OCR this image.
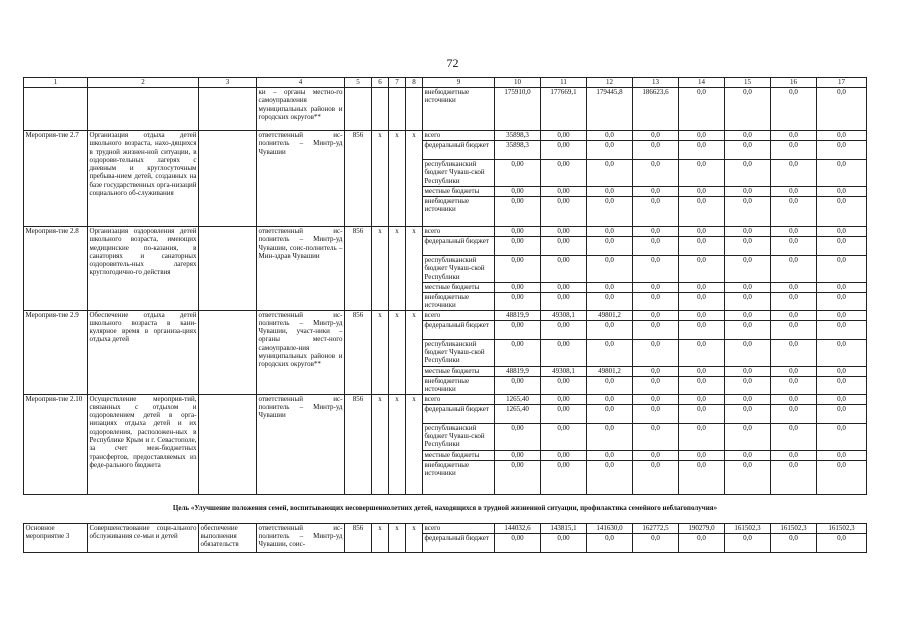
72
1	2	3	4	5	6	7	8	9	10	11	12	13	14	15	16	17
			ки – органы местно-го самоуправления муниципальных районов и городских округов**					внебюджетные источники	175910,0	177669,1	179445,8	186623,6	0,0	0,0	0,0	0,0
Мероприя-тие 2.7	Организация отдыха детей школьного возраста, нахо-дящихся в трудной жизнен-ной ситуации, в оздорови-тельных лагерях с дневным и круглосуточным пребыва-нием детей, созданных на базе государственных орга-низаций социального об-служивания		ответственный ис-полнитель – Минтр-уд Чувашии	856	х	х	х	всего	35898,3	0,00	0,0	0,0	0,0	0,0	0,0	0,0
								федеральный бюджет	35898,3	0,00	0,0	0,0	0,0	0,0	0,0	0,0
								республиканский бюджет Чуваш-ской Республики	0,00	0,00	0,0	0,0	0,0	0,0	0,0	0,0
								местные бюджеты	0,00	0,00	0,0	0,0	0,0	0,0	0,0	0,0
								внебюджетные источники	0,00	0,00	0,0	0,0	0,0	0,0	0,0	0,0
Мероприя-тие 2.8	Организация оздоровления детей школьного возраста, имеющих медицинские по-казания, в санаториях и санаторных оздоровитель-ных лагерях круглогодично-го действия		ответственный ис-полнитель – Минтр-уд Чувашии, соис-полнитель – Мин-здрав Чувашии	856	х	х	х	всего	0,00	0,00	0,0	0,0	0,0	0,0	0,0	0,0
								федеральный бюджет	0,00	0,00	0,0	0,0	0,0	0,0	0,0	0,0
								республиканский бюджет Чуваш-ской Республики	0,00	0,00	0,0	0,0	0,0	0,0	0,0	0,0
								местные бюджеты	0,00	0,00	0,0	0,0	0,0	0,0	0,0	0,0
								внебюджетные источники	0,00	0,00	0,0	0,0	0,0	0,0	0,0	0,0
Мероприя-тие 2.9	Обеспечение отдыха детей школьного возраста в кани-кулярное время в организа-циях отдыха детей		ответственный ис-полнитель – Минтр-уд Чувашии, участ-ники – органы мест-ного самоуправле-ния муниципальных районов и городских округов**	856	х	х	х	всего	48819,9	49308,1	49801,2	0,0	0,0	0,0	0,0	0,0
								федеральный бюджет	0,00	0,00	0,0	0,0	0,0	0,0	0,0	0,0
								республиканский бюджет Чуваш-ской Республики	0,00	0,00	0,0	0,0	0,0	0,0	0,0	0,0
								местные бюджеты	48819,9	49308,1	49801,2	0,0	0,0	0,0	0,0	0,0
								внебюджетные источники	0,00	0,00	0,0	0,0	0,0	0,0	0,0	0,0
Мероприя-тие 2.10	Осуществление мероприя-тий, связанных с отдыхом и оздоровлением детей в орга-низациях отдыха детей и их оздоровления, расположен-ных в Республике Крым и г. Севастополе, за счет меж-бюджетных трансфертов, предоставляемых из феде-рального бюджета		ответственный ис-полнитель – Минтр-уд Чувашии	856	х	х	х	всего	1265,40	0,00	0,0	0,0	0,0	0,0	0,0	0,0
								федеральный бюджет	1265,40	0,00	0,0	0,0	0,0	0,0	0,0	0,0
								республиканский бюджет Чуваш-ской Республики	0,00	0,00	0,0	0,0	0,0	0,0	0,0	0,0
								местные бюджеты	0,00	0,00	0,0	0,0	0,0	0,0	0,0	0,0
								внебюджетные источники	0,00	0,00	0,0	0,0	0,0	0,0	0,0	0,0
Цель «Улучшение положения семей, воспитывающих несовершеннолетних детей, находящихся в трудной жизненной ситуации, профилактика семейного неблагополучия»																
Основное мероприятие 3	Совершенствование соци-ального обслуживания се-мьи и детей	обеспечение выполнения обязательств	ответственный ис-полнитель – Минтр-уд Чувашии, соис-	856	х	х	х	всего	144032,6	143815,1	141630,0	162772,5	190279,0	161502,3	161502,3	161502,3
								федеральный бюджет	0,00	0,00	0,0	0,0	0,0	0,0	0,0	0,0
